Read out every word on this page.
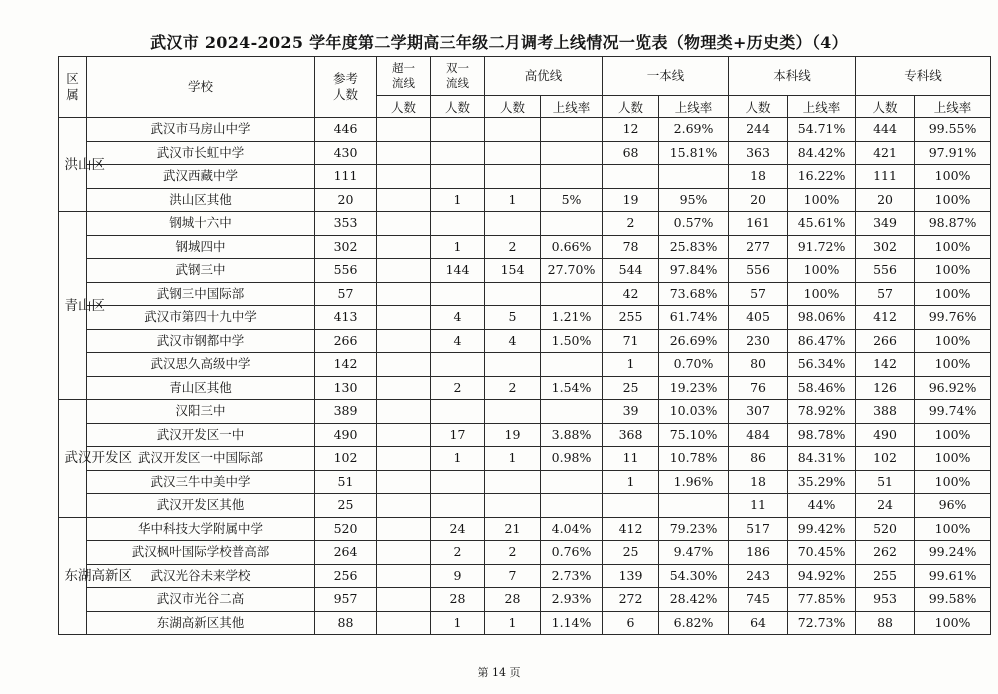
武汉市 2024-2025 学年度第二学期高三年级二月调考上线情况一览表（物理类+历史类）（4）
区属	学校	参考人数	超一流线	双一流线	高优线		一本线		本科线		专科线	
			人数	人数	人数	上线率	人数	上线率	人数	上线率	人数	上线率

洪山区	武汉市马房山中学	446					12	2.69%	244	54.71%	444	99.55%
	武汉市长虹中学	430					68	15.81%	363	84.42%	421	97.91%
	武汉西藏中学	111							18	16.22%	111	100%
	洪山区其他	20		1	1	5%	19	95%	20	100%	20	100%

青山区	钢城十六中	353					2	0.57%	161	45.61%	349	98.87%
	钢城四中	302		1	2	0.66%	78	25.83%	277	91.72%	302	100%
	武钢三中	556		144	154	27.70%	544	97.84%	556	100%	556	100%
	武钢三中国际部	57					42	73.68%	57	100%	57	100%
	武汉市第四十九中学	413		4	5	1.21%	255	61.74%	405	98.06%	412	99.76%
	武汉市钢都中学	266		4	4	1.50%	71	26.69%	230	86.47%	266	100%
	武汉思久高级中学	142					1	0.70%	80	56.34%	142	100%
	青山区其他	130		2	2	1.54%	25	19.23%	76	58.46%	126	96.92%

武汉开发区	汉阳三中	389					39	10.03%	307	78.92%	388	99.74%
	武汉开发区一中	490		17	19	3.88%	368	75.10%	484	98.78%	490	100%
	武汉开发区一中国际部	102		1	1	0.98%	11	10.78%	86	84.31%	102	100%
	武汉三牛中美中学	51					1	1.96%	18	35.29%	51	100%
	武汉开发区其他	25							11	44%	24	96%

东湖高新区	华中科技大学附属中学	520		24	21	4.04%	412	79.23%	517	99.42%	520	100%
	武汉枫叶国际学校普高部	264		2	2	0.76%	25	9.47%	186	70.45%	262	99.24%
	武汉光谷未来学校	256		9	7	2.73%	139	54.30%	243	94.92%	255	99.61%
	武汉市光谷二高	957		28	28	2.93%	272	28.42%	745	77.85%	953	99.58%
	东湖高新区其他	88		1	1	1.14%	6	6.82%	64	72.73%	88	100%
第 14 页
